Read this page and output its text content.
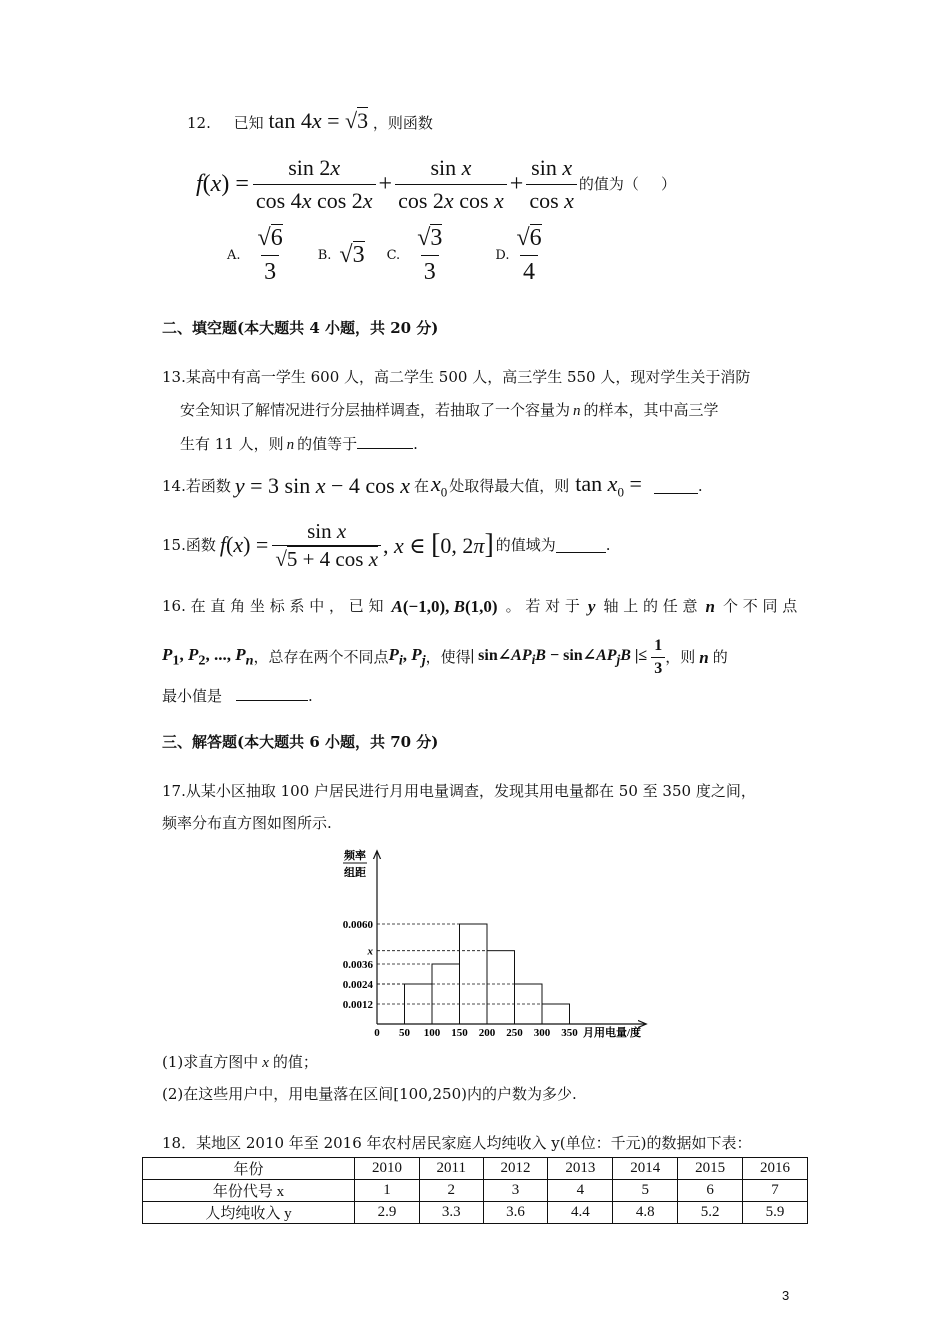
12. 已知 tan 4x = √3 ，则函数
f ( x ) = $\frac{\sin 2x}{\text{cos 4x cos 2x}} + \frac{\text{sin x}}{\text{cos 2x cos x}} + \frac{\text{sin x}}{\text{cos x}}$ 的值为（ ）
A. $\frac{√6}{3} B$. √3 C. $\frac{√3}{3}$	D. $\frac{√6}{4}$
二、填空题(本大题共 4 小题，共 20 分)
13.某高中有高一学生 600 人，高二学生 500 人，高三学生 550 人，现对学生关于消防
安全知识了解情况进行分层抽样调查，若抽取了一个容量为 n 的样本，其中高三学
生有 11 人，则 n 的值等于	.
14.若函数 y = 3 sin x − 4 cos x 在 $x_0$ 处取得最大值，则 $\tan x_0$ =	.
15.函数 f ( x ) = $\frac{\text{sin x}}{\text{√5 + 4 cos x}}$ , x ∈ [0, 2π] 的值域为	.
16. 在 直 角 坐 标 系 中 ， 已 知 A(−1,0), B(1,0) 。 若 对 于 y 轴 上 的 任 意 n 个 不 同 点
$P_1$, $P_2$, ..., $P_n$ ，总存在两个不同点 $P_i$, $P_j$ ，使得 | $\sin\angle AP_iB$ − $\sin\angle AP_jB$ |≤ $\frac{1}{3}$ ，则 n 的
最小值是	.
三、解答题(本大题共 6 小题，共 70 分)
17.从某小区抽取 100 户居民进行月用电量调查，发现其用电量都在 50 至 350 度之间，
频率分布直方图如图所示.
频率
组距
0.0060
x
0.0036
0.0024
0.0012
0 50 100 150 200 250 300 350 月用电量/度
(1)求直方图中 x 的值；
(2)在这些用户中，用电量落在区间[100,250)内的户数为多少.
18．某地区 2010 年至 2016 年农村居民家庭人均纯收入 y(单位：千元)的数据如下表：
年份	2010	2011	2012	2013	2014	2015	2016
年份代号 x	1	2	3	4	5	6	7
人均纯收入 y	2.9	3.3	3.6	4.4	4.8	5.2	5.9
3
